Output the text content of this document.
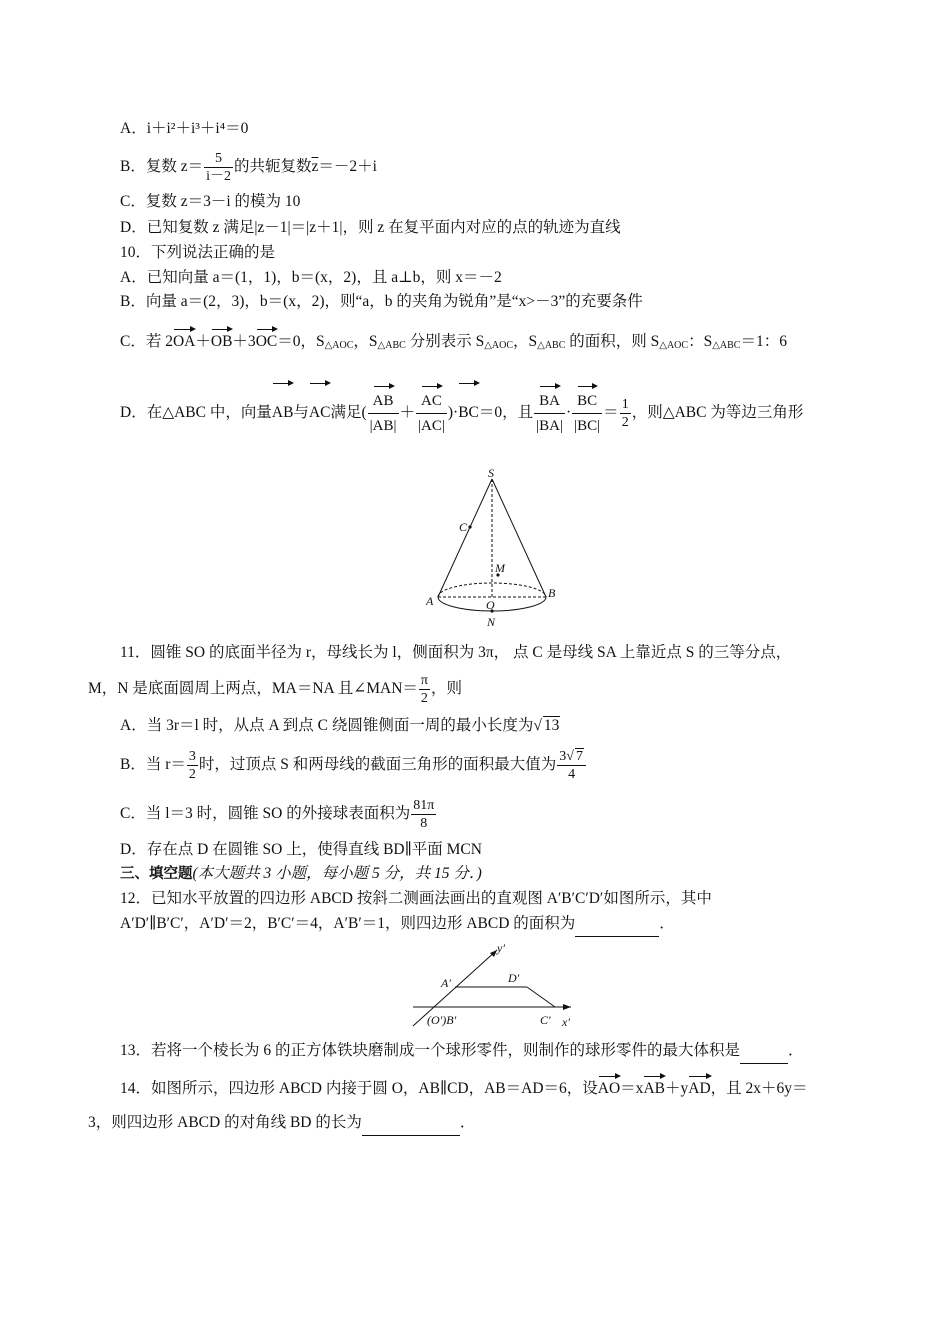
A．i＋i²＋i³＋i⁴＝0
B．复数 $z= \frac{5}{i-2}$ 的共轭复数$\overline{z}=-2+i$
C．复数 z＝3－i 的模为 10
D．已知复数 z 满足|z－1|＝|z＋1|，则 z 在复平面内对应的点的轨迹为直线
10．下列说法正确的是
A．已知向量 a＝(1，1)，b＝(x，2)，且 a⊥b，则 x＝－2
B．向量 a＝(2，3)，b＝(x，2)，则“a，b 的夹角为锐角”是“x>－3”的充要条件
C．若 2OA＋OB＋3OC＝0，$S_{\triangle AOC}$，$S_{\triangle ABC}$ 分别表示 $S_{\triangle AOC}$，$S_{\triangle ABC}$ 的面积，则 $S_{\triangle AOC}$：$S_{\triangle ABC}=1$：6
D．在△ABC 中，向量AB与AC满足( $\frac{AB}{|AB|} + \frac{AC}{|AC|} )\cdot BC=0$，且 $\frac{BA}{|BA|} \cdot \frac{BC}{|BC|} = \frac{1}{2}$ ，则△ABC 为等边三角形
S
C
M
A	O
B
N
11．圆锥 SO 的底面半径为 r，母线长为 l，侧面积为 3π， 点 C 是母线 SA 上靠近点 S 的三等分点，
M，N 是底面圆周上两点，MA＝NA 且∠MAN＝ $\frac{\pi}{2}$ ，则
A．当 3r＝l 时，从点 A 到点 C 绕圆锥侧面一周的最小长度为√ 13
B．当 $r= \frac{3}{2}$ 时，过顶点 S 和两母线的截面三角形的面积最大值为 $\frac{3√ 7}{4}$
C．当 l＝3 时，圆锥 SO 的外接球表面积为 $\frac{81\pi}{8}$
D．存在点 D 在圆锥 SO 上，使得直线 BD∥平面 MCN
三、填空题(本大题共 3 小题，每小题 5 分，共 15 分．)
12．已知水平放置的四边形 ABCD 按斜二测画法画出的直观图 A′B′C′D′如图所示，其中
A′D′∥B′C′，A′D′＝2，B′C′＝4，A′B′＝1，则四边形 ABCD 的面积为	．
y′
A′	D′
(O′)B′	C′ x′
13．若将一个棱长为 6 的正方体铁块磨制成一个球形零件，则制作的球形零件的最大体积是	．
14．如图所示，四边形 ABCD 内接于圆 O，AB∥CD，AB＝AD＝6，设AO＝xAB＋yAD，且 2x＋6y＝
3，则四边形 ABCD 的对角线 BD 的长为	．
